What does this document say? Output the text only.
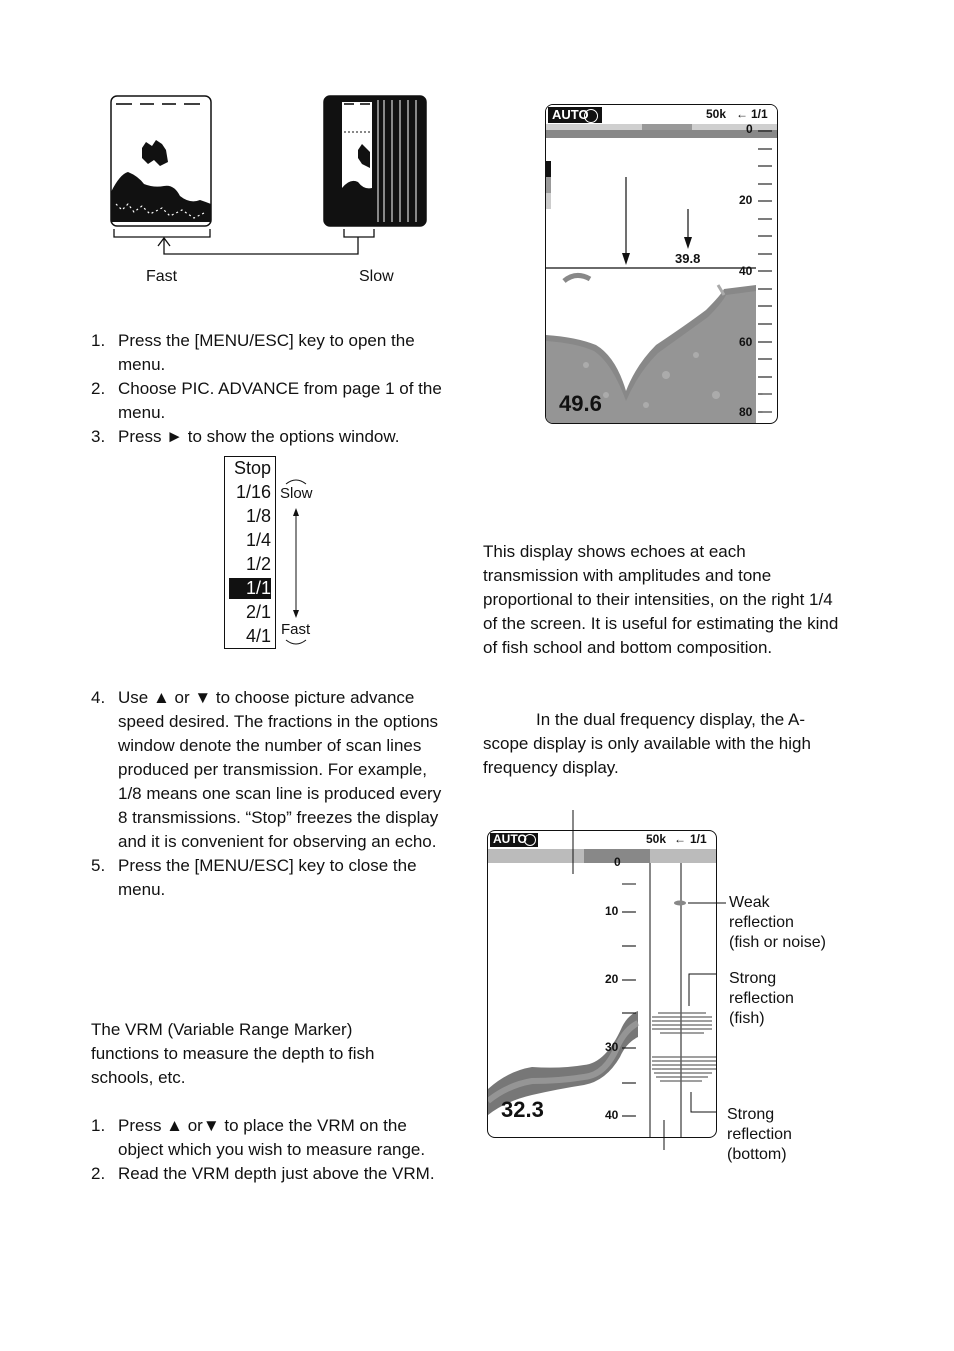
Fast	Slow
1. Press the [MENU/ESC] key to open the menu.
2. Choose PIC. ADVANCE from page 1 of the menu.
3. Press ► to show the options window.
Stop
1/16
1/8
1/4
1/2
1/1
2/1
4/1
Slow
Fast
4. Use ▲ or ▼ to choose picture advance speed desired. The fractions in the options window denote the number of scan lines produced per transmission. For example, 1/8 means one scan line is produced every 8 transmissions. “Stop” freezes the display and it is convenient for observing an echo.
5. Press the [MENU/ESC] key to close the menu.
The VRM (Variable Range Marker) functions to measure the depth to fish schools, etc.
1. Press ▲ or▼ to place the VRM on the object which you wish to measure range.
2. Read the VRM depth just above the VRM.
AUTO	50k ← 1/1
0
20
40
60
80
39.8
49.6
This display shows echoes at each transmission with amplitudes and tone proportional to their intensities, on the right 1/4 of the screen. It is useful for estimating the kind of fish school and bottom composition.
In the dual frequency display, the A-scope display is only available with the high frequency display.
AUTO	50k ← 1/1
0
10
20
30
40
32.3
Weak
reflection
(fish or noise)
Strong
reflection
(fish)
Strong
reflection
(bottom)
